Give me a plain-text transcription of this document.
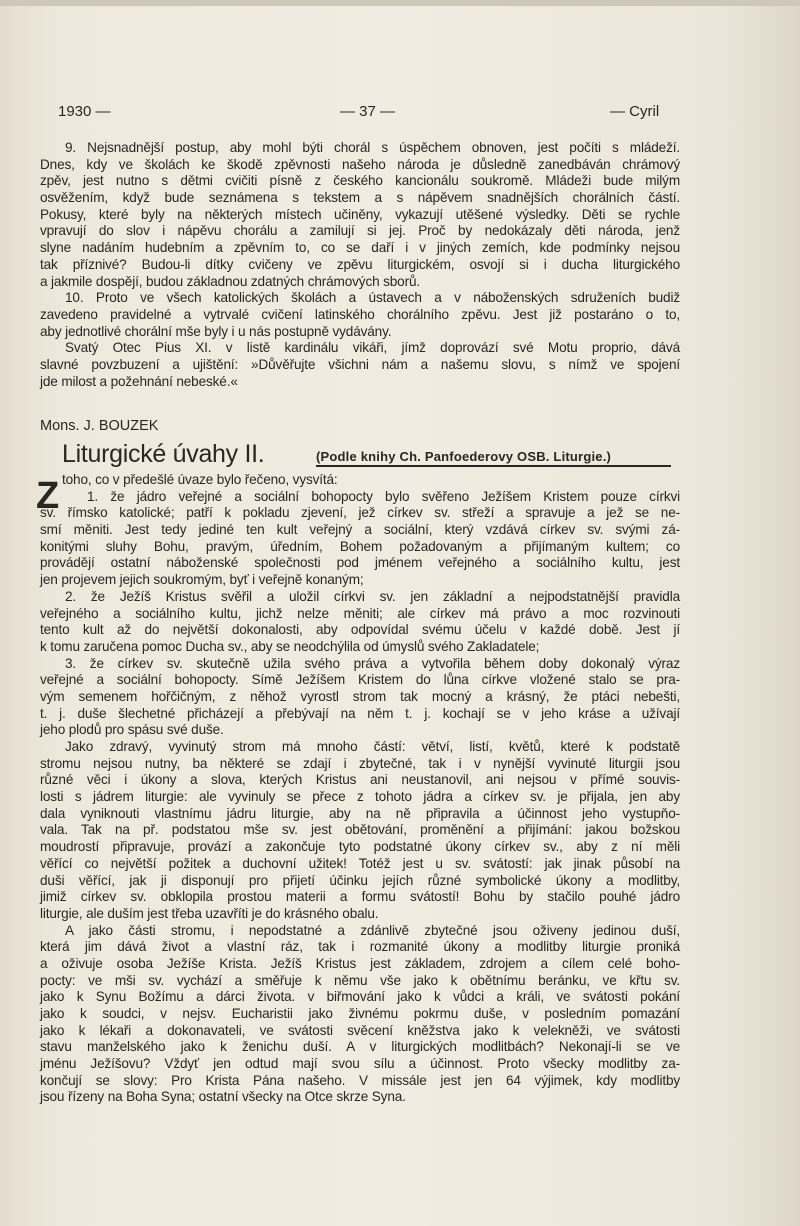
1930 —	— 37 —	— Cyril
9. Nejsnadnější postup, aby mohl býti chorál s úspěchem obnoven, jest počíti s mládeží.
Dnes, kdy ve školách ke škodě zpěvnosti našeho národa je důsledně zanedbáván chrámový
zpěv, jest nutno s dětmi cvičiti písně z českého kancionálu soukromě. Mládeži bude milým
osvěžením, když bude seznámena s tekstem a s nápěvem snadnějších chorálních částí.
Pokusy, které byly na některých místech učiněny, vykazují utěšené výsledky. Děti se rychle
vpravují do slov i nápěvu chorálu a zamilují si jej. Proč by nedokázaly děti národa, jenž
slyne nadáním hudebním a zpěvním to, co se daří i v jiných zemích, kde podmínky nejsou
tak příznivé? Budou-li dítky cvičeny ve zpěvu liturgickém, osvojí si i ducha liturgického
a jakmile dospějí, budou základnou zdatných chrámových sborů.
10. Proto ve všech katolických školách a ústavech a v náboženských sdruženích budiž
zavedeno pravidelné a vytrvalé cvičení latinského chorálního zpěvu. Jest již postaráno o to,
aby jednotlivé chorální mše byly i u nás postupně vydávány.
Svatý Otec Pius XI. v listě kardinálu vikáři, jímž doprovází své Motu proprio, dává
slavné povzbuzení a ujištění: »Důvěřujte všichni nám a našemu slovu, s nímž ve spojení
jde milost a požehnání nebeské.«
Mons. J. BOUZEK
Liturgické úvahy II.	(Podle knihy Ch. Panfoederovy OSB. Liturgie.)
Z toho, co v předešlé úvaze bylo řečeno, vysvítá:
1. že jádro veřejné a sociální bohopocty bylo svěřeno Ježíšem Kristem pouze církvi
sv. římsko katolické; patří k pokladu zjevení, jež církev sv. střeží a spravuje a jež se ne-
smí měniti. Jest tedy jediné ten kult veřejný a sociální, který vzdává církev sv. svými zá-
konitými sluhy Bohu, pravým, úředním, Bohem požadovaným a přijímaným kultem; co
provádějí ostatní náboženské společnosti pod jménem veřejného a sociálního kultu, jest
jen projevem jejich soukromým, byť i veřejně konaným;
2. že Ježíš Kristus svěřil a uložil církvi sv. jen základní a nejpodstatnější pravidla
veřejného a sociálního kultu, jichž nelze měniti; ale církev má právo a moc rozvinouti
tento kult až do největší dokonalosti, aby odpovídal svému účelu v každé době. Jest jí
k tomu zaručena pomoc Ducha sv., aby se neodchýlila od úmyslů svého Zakladatele;
3. že církev sv. skutečně užila svého práva a vytvořila během doby dokonalý výraz
veřejné a sociální bohopocty. Símě Ježíšem Kristem do lůna církve vložené stalo se pra-
vým semenem hořčičným, z něhož vyrostl strom tak mocný a krásný, že ptáci nebešti,
t. j. duše šlechetné přicházejí a přebývají na něm t. j. kochají se v jeho kráse a užívají
jeho plodů pro spásu své duše.
Jako zdravý, vyvinutý strom má mnoho částí: větví, listí, květů, které k podstatě
stromu nejsou nutny, ba některé se zdají i zbytečné, tak i v nynější vyvinuté liturgii jsou
různé věci i úkony a slova, kterých Kristus ani neustanovil, ani nejsou v přímé souvis-
losti s jádrem liturgie: ale vyvinuly se přece z tohoto jádra a církev sv. je přijala, jen aby
dala vyniknouti vlastnímu jádru liturgie, aby na ně připravila a účinnost jeho vystupňo-
vala. Tak na př. podstatou mše sv. jest obětování, proměnění a přijímání: jakou božskou
moudrostí připravuje, provází a zakončuje tyto podstatné úkony církev sv., aby z ní měli
věřící co největší požitek a duchovní užitek! Totéž jest u sv. svátostí: jak jinak působí na
duši věřící, jak ji disponují pro přijetí účinku jejích různé symbolické úkony a modlitby,
jimiž církev sv. obklopila prostou materii a formu svátostí! Bohu by stačilo pouhé jádro
liturgie, ale duším jest třeba uzavříti je do krásného obalu.
A jako části stromu, i nepodstatné a zdánlivě zbytečné jsou oživeny jedinou duší,
která jim dává život a vlastní ráz, tak i rozmanité úkony a modlitby liturgie proniká
a oživuje osoba Ježíše Krista. Ježíš Kristus jest základem, zdrojem a cílem celé boho-
pocty: ve mši sv. vychází a směřuje k němu vše jako k obětnímu beránku, ve křtu sv.
jako k Synu Božímu a dárci života. v biřmování jako k vůdci a králi, ve svátosti pokání
jako k soudci, v nejsv. Eucharistii jako živnému pokrmu duše, v posledním pomazání
jako k lékaři a dokonavateli, ve svátosti svěcení kněžstva jako k velekněži, ve svátosti
stavu manželského jako k ženichu duší. A v liturgických modlitbách? Nekonají-li se ve
jménu Ježíšovu? Vždyť jen odtud mají svou sílu a účinnost. Proto všecky modlitby za-
končují se slovy: Pro Krista Pána našeho. V missále jest jen 64 výjimek, kdy modlitby
jsou řízeny na Boha Syna; ostatní všecky na Otce skrze Syna.
